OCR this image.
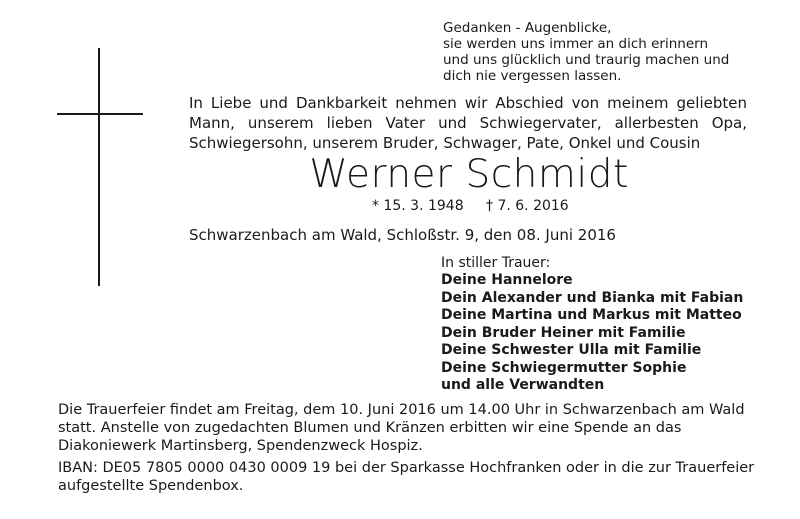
Gedanken - Augenblicke,
sie werden uns immer an dich erinnern
und uns glücklich und traurig machen und
dich nie vergessen lassen.
In Liebe und Dankbarkeit nehmen wir Abschied von meinem geliebten
Mann, unserem lieben Vater und Schwiegervater, allerbesten Opa,
Schwiegersohn, unserem Bruder, Schwager, Pate, Onkel und Cousin
Werner Schmidt
* 15. 3. 1948 † 7. 6. 2016
Schwarzenbach am Wald, Schloßstr. 9, den 08. Juni 2016
In stiller Trauer:
Deine Hannelore
Dein Alexander und Bianka mit Fabian
Deine Martina und Markus mit Matteo
Dein Bruder Heiner mit Familie
Deine Schwester Ulla mit Familie
Deine Schwiegermutter Sophie
und alle Verwandten
Die Trauerfeier findet am Freitag, dem 10. Juni 2016 um 14.00 Uhr in Schwarzenbach am Wald
statt. Anstelle von zugedachten Blumen und Kränzen erbitten wir eine Spende an das
Diakoniewerk Martinsberg, Spendenzweck Hospiz.
IBAN: DE05 7805 0000 0430 0009 19 bei der Sparkasse Hochfranken oder in die zur Trauerfeier
aufgestellte Spendenbox.
